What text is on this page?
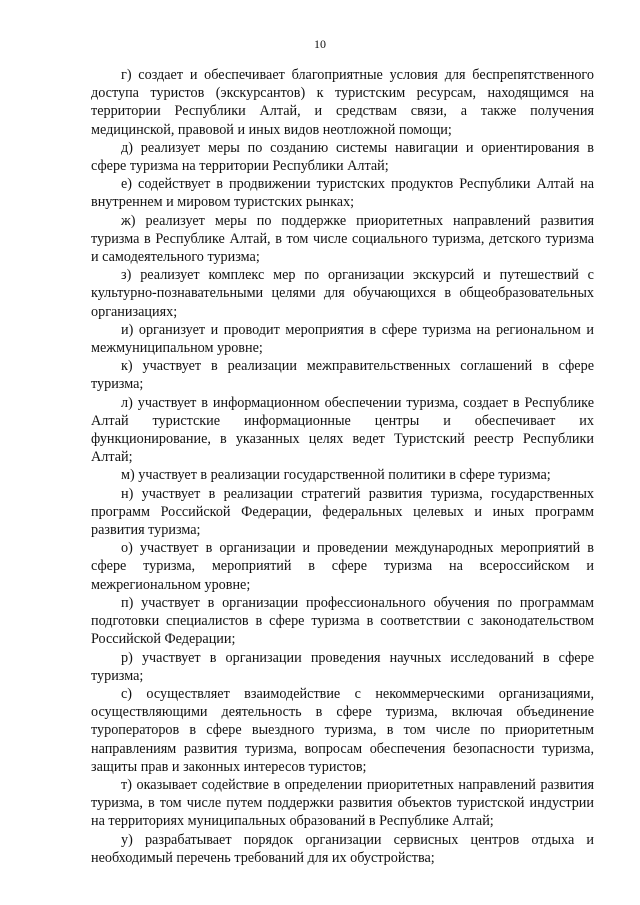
10

г) создает и обеспечивает благоприятные условия для беспрепятственного доступа туристов (экскурсантов) к туристским ресурсам, находящимся на территории Республики Алтай, и средствам связи, а также получения медицинской, правовой и иных видов неотложной помощи;

д) реализует меры по созданию системы навигации и ориентирования в сфере туризма на территории Республики Алтай;

е) содействует в продвижении туристских продуктов Республики Алтай на внутреннем и мировом туристских рынках;

ж) реализует меры по поддержке приоритетных направлений развития туризма в Республике Алтай, в том числе социального туризма, детского туризма и самодеятельного туризма;

з) реализует комплекс мер по организации экскурсий и путешествий с культурно-познавательными целями для обучающихся в общеобразовательных организациях;

и) организует и проводит мероприятия в сфере туризма на региональном и межмуниципальном уровне;

к) участвует в реализации межправительственных соглашений в сфере туризма;

л) участвует в информационном обеспечении туризма, создает в Республике Алтай туристские информационные центры и обеспечивает их функционирование, в указанных целях ведет Туристский реестр Республики Алтай;

м) участвует в реализации государственной политики в сфере туризма;

н) участвует в реализации стратегий развития туризма, государственных программ Российской Федерации, федеральных целевых и иных программ развития туризма;

о) участвует в организации и проведении международных мероприятий в сфере туризма, мероприятий в сфере туризма на всероссийском и межрегиональном уровне;

п) участвует в организации профессионального обучения по программам подготовки специалистов в сфере туризма в соответствии с законодательством Российской Федерации;

р) участвует в организации проведения научных исследований в сфере туризма;

с) осуществляет взаимодействие с некоммерческими организациями, осуществляющими деятельность в сфере туризма, включая объединение туроператоров в сфере выездного туризма, в том числе по приоритетным направлениям развития туризма, вопросам обеспечения безопасности туризма, защиты прав и законных интересов туристов;

т) оказывает содействие в определении приоритетных направлений развития туризма, в том числе путем поддержки развития объектов туристской индустрии на территориях муниципальных образований в Республике Алтай;

у) разрабатывает порядок организации сервисных центров отдыха и необходимый перечень требований для их обустройства;
